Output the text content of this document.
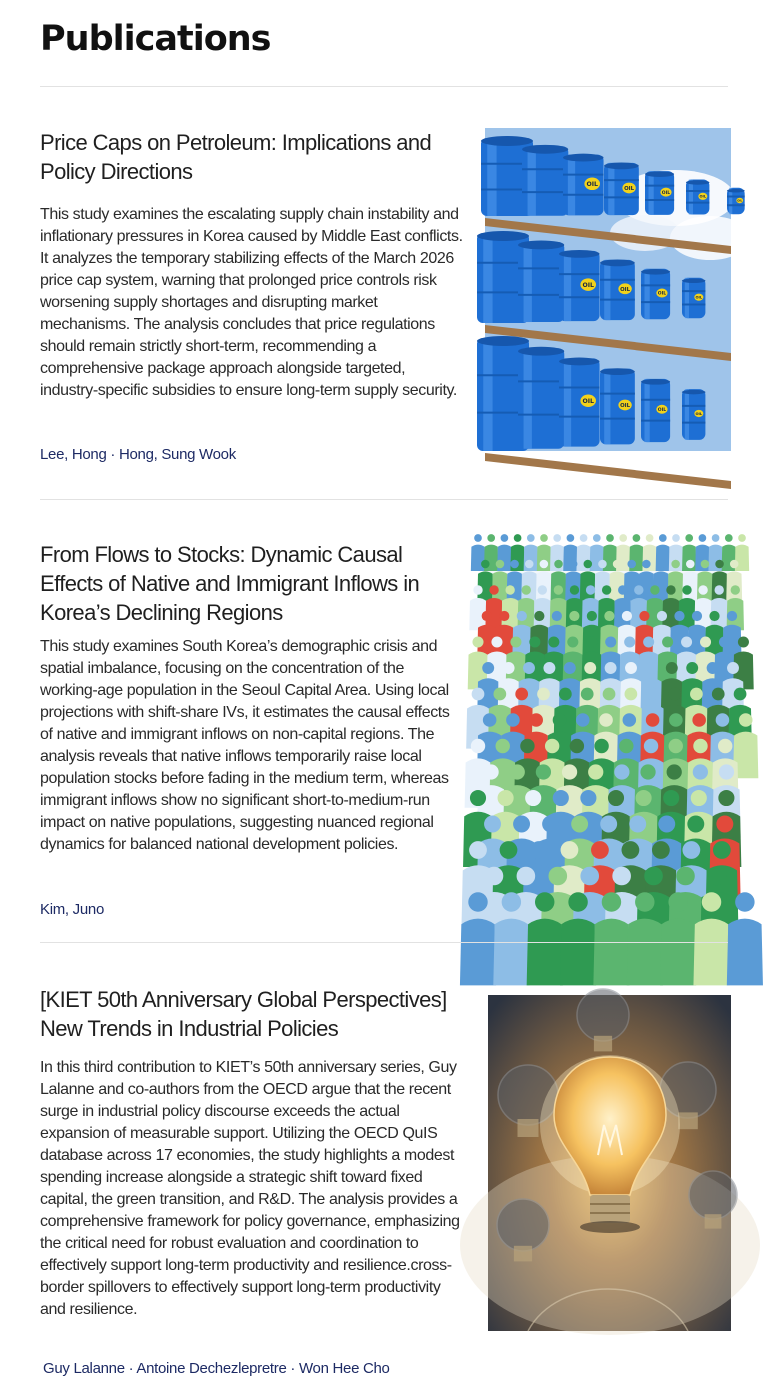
Publications
Price Caps on Petroleum: Implications and Policy Directions

This study examines the escalating supply chain instability and inflationary pressures in Korea caused by Middle East conflicts. It analyzes the temporary stabilizing effects of the March 2026 price cap system, warning that prolonged price controls risk worsening supply shortages and disrupting market mechanisms. The analysis concludes that price regulations should remain strictly short-term, recommending a comprehensive package approach alongside targeted, industry-specific subsidies to ensure long-term supply security.

Lee, Hong · Hong, Sung Wook

OIL
OIL
OIL
OIL
OIL
OIL
OIL
OIL
OIL
OIL
OIL
OIL
OIL
From Flows to Stocks: Dynamic Causal Effects of Native and Immigrant Inflows in Korea’s Declining Regions

This study examines South Korea’s demographic crisis and spatial imbalance, focusing on the concentration of the working-age population in the Seoul Capital Area. Using local projections with shift-share IVs, it estimates the causal effects of native and immigrant inflows on non-capital regions. The analysis reveals that native inflows temporarily raise local population stocks before fading in the medium term, whereas immigrant inflows show no significant short-to-medium-run impact on native populations, suggesting nuanced regional dynamics for balanced national development policies.

Kim, Juno

[KIET 50th Anniversary Global Perspectives] New Trends in Industrial Policies

In this third contribution to KIET’s 50th anniversary series, Guy Lalanne and co-authors from the OECD argue that the recent surge in industrial policy discourse exceeds the actual expansion of measurable support. Utilizing the OECD QuIS database across 17 economies, the study highlights a modest spending increase alongside a strategic shift toward fixed capital, the green transition, and R&D. The analysis provides a comprehensive framework for policy governance, emphasizing the critical need for robust evaluation and coordination to effectively support long-term productivity and resilience.cross-border spillovers to effectively support long-term productivity and resilience.

Guy Lalanne · Antoine Dechezlepretre · Won Hee Cho
